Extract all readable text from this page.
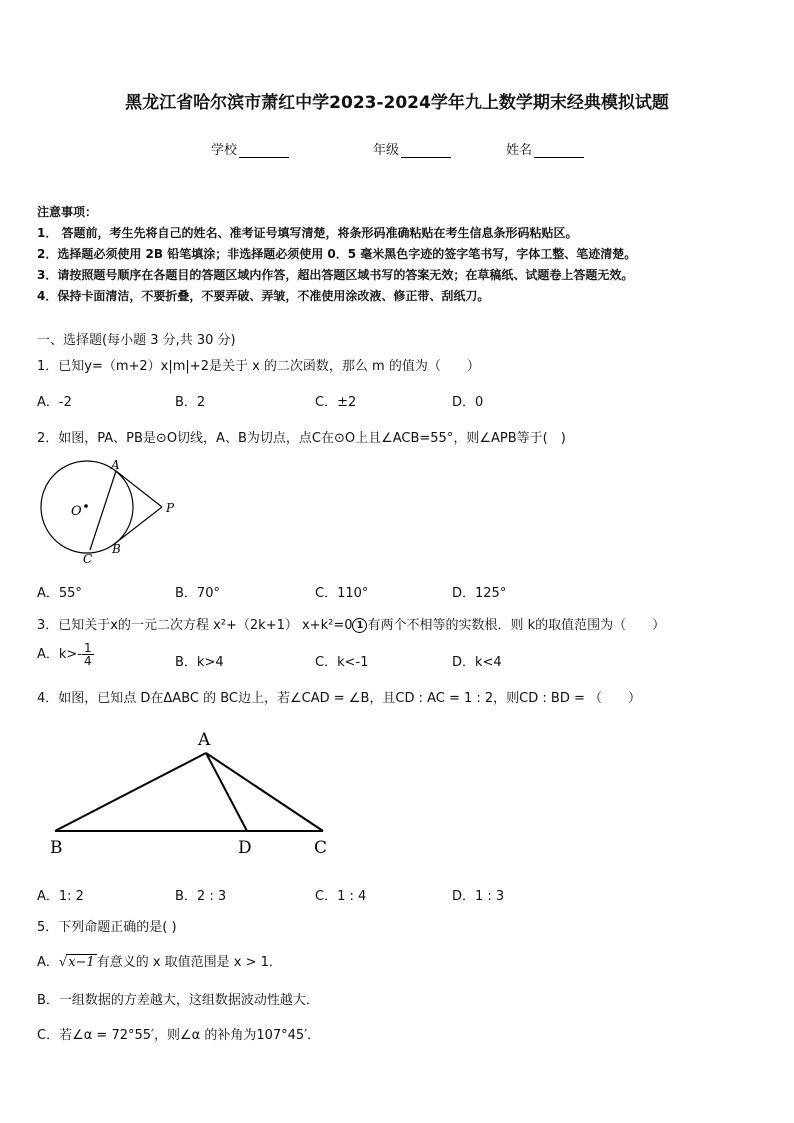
黑龙江省哈尔滨市萧红中学2023-2024学年九上数学期末经典模拟试题
学校	年级	姓名
注意事项：
1． 答题前，考生先将自己的姓名、准考证号填写清楚，将条形码准确粘贴在考生信息条形码粘贴区。
2．选择题必须使用 2B 铅笔填涂；非选择题必须使用 0．5 毫米黑色字迹的签字笔书写，字体工整、笔迹清楚。
3．请按照题号顺序在各题目的答题区域内作答，超出答题区域书写的答案无效；在草稿纸、试题卷上答题无效。
4．保持卡面清洁，不要折叠，不要弄破、弄皱，不准使用涂改液、修正带、刮纸刀。
一、选择题(每小题 3 分,共 30 分)
1．已知y=（m+2）x|m|+2是关于 x 的二次函数，那么 m 的值为（　　）
A．-2	B．2	C．±2	D．0
2．如图，PA、PB是⊙O切线，A、B为切点，点C在⊙O上且∠ACB=55°，则∠APB等于(　)
A
O	P
B
C
A．55°	B．70°	C．110°	D．125°
3．已知关于x的一元二次方程 x²+（2k+1） x+k²=0 1 有两个不相等的实数根．则 k的取值范围为（　　）
A．$k>- \frac{1}{4}$	B．k>4	C．k<-1	D．k<4
4．如图，已知点 D在ΔABC 的 BC边上，若∠CAD = ∠B，且CD : AC = 1 : 2，则CD : BD = （　　）
A
B	D	C
A．1: 2	B．2 : 3	C．1 : 4	D．1 : 3
5．下列命题正确的是( )
A．√x−1 有意义的 x 取值范围是 x > 1．
B．一组数据的方差越大，这组数据波动性越大．
C．若∠α = 72°55′，则∠α 的补角为107°45′．
